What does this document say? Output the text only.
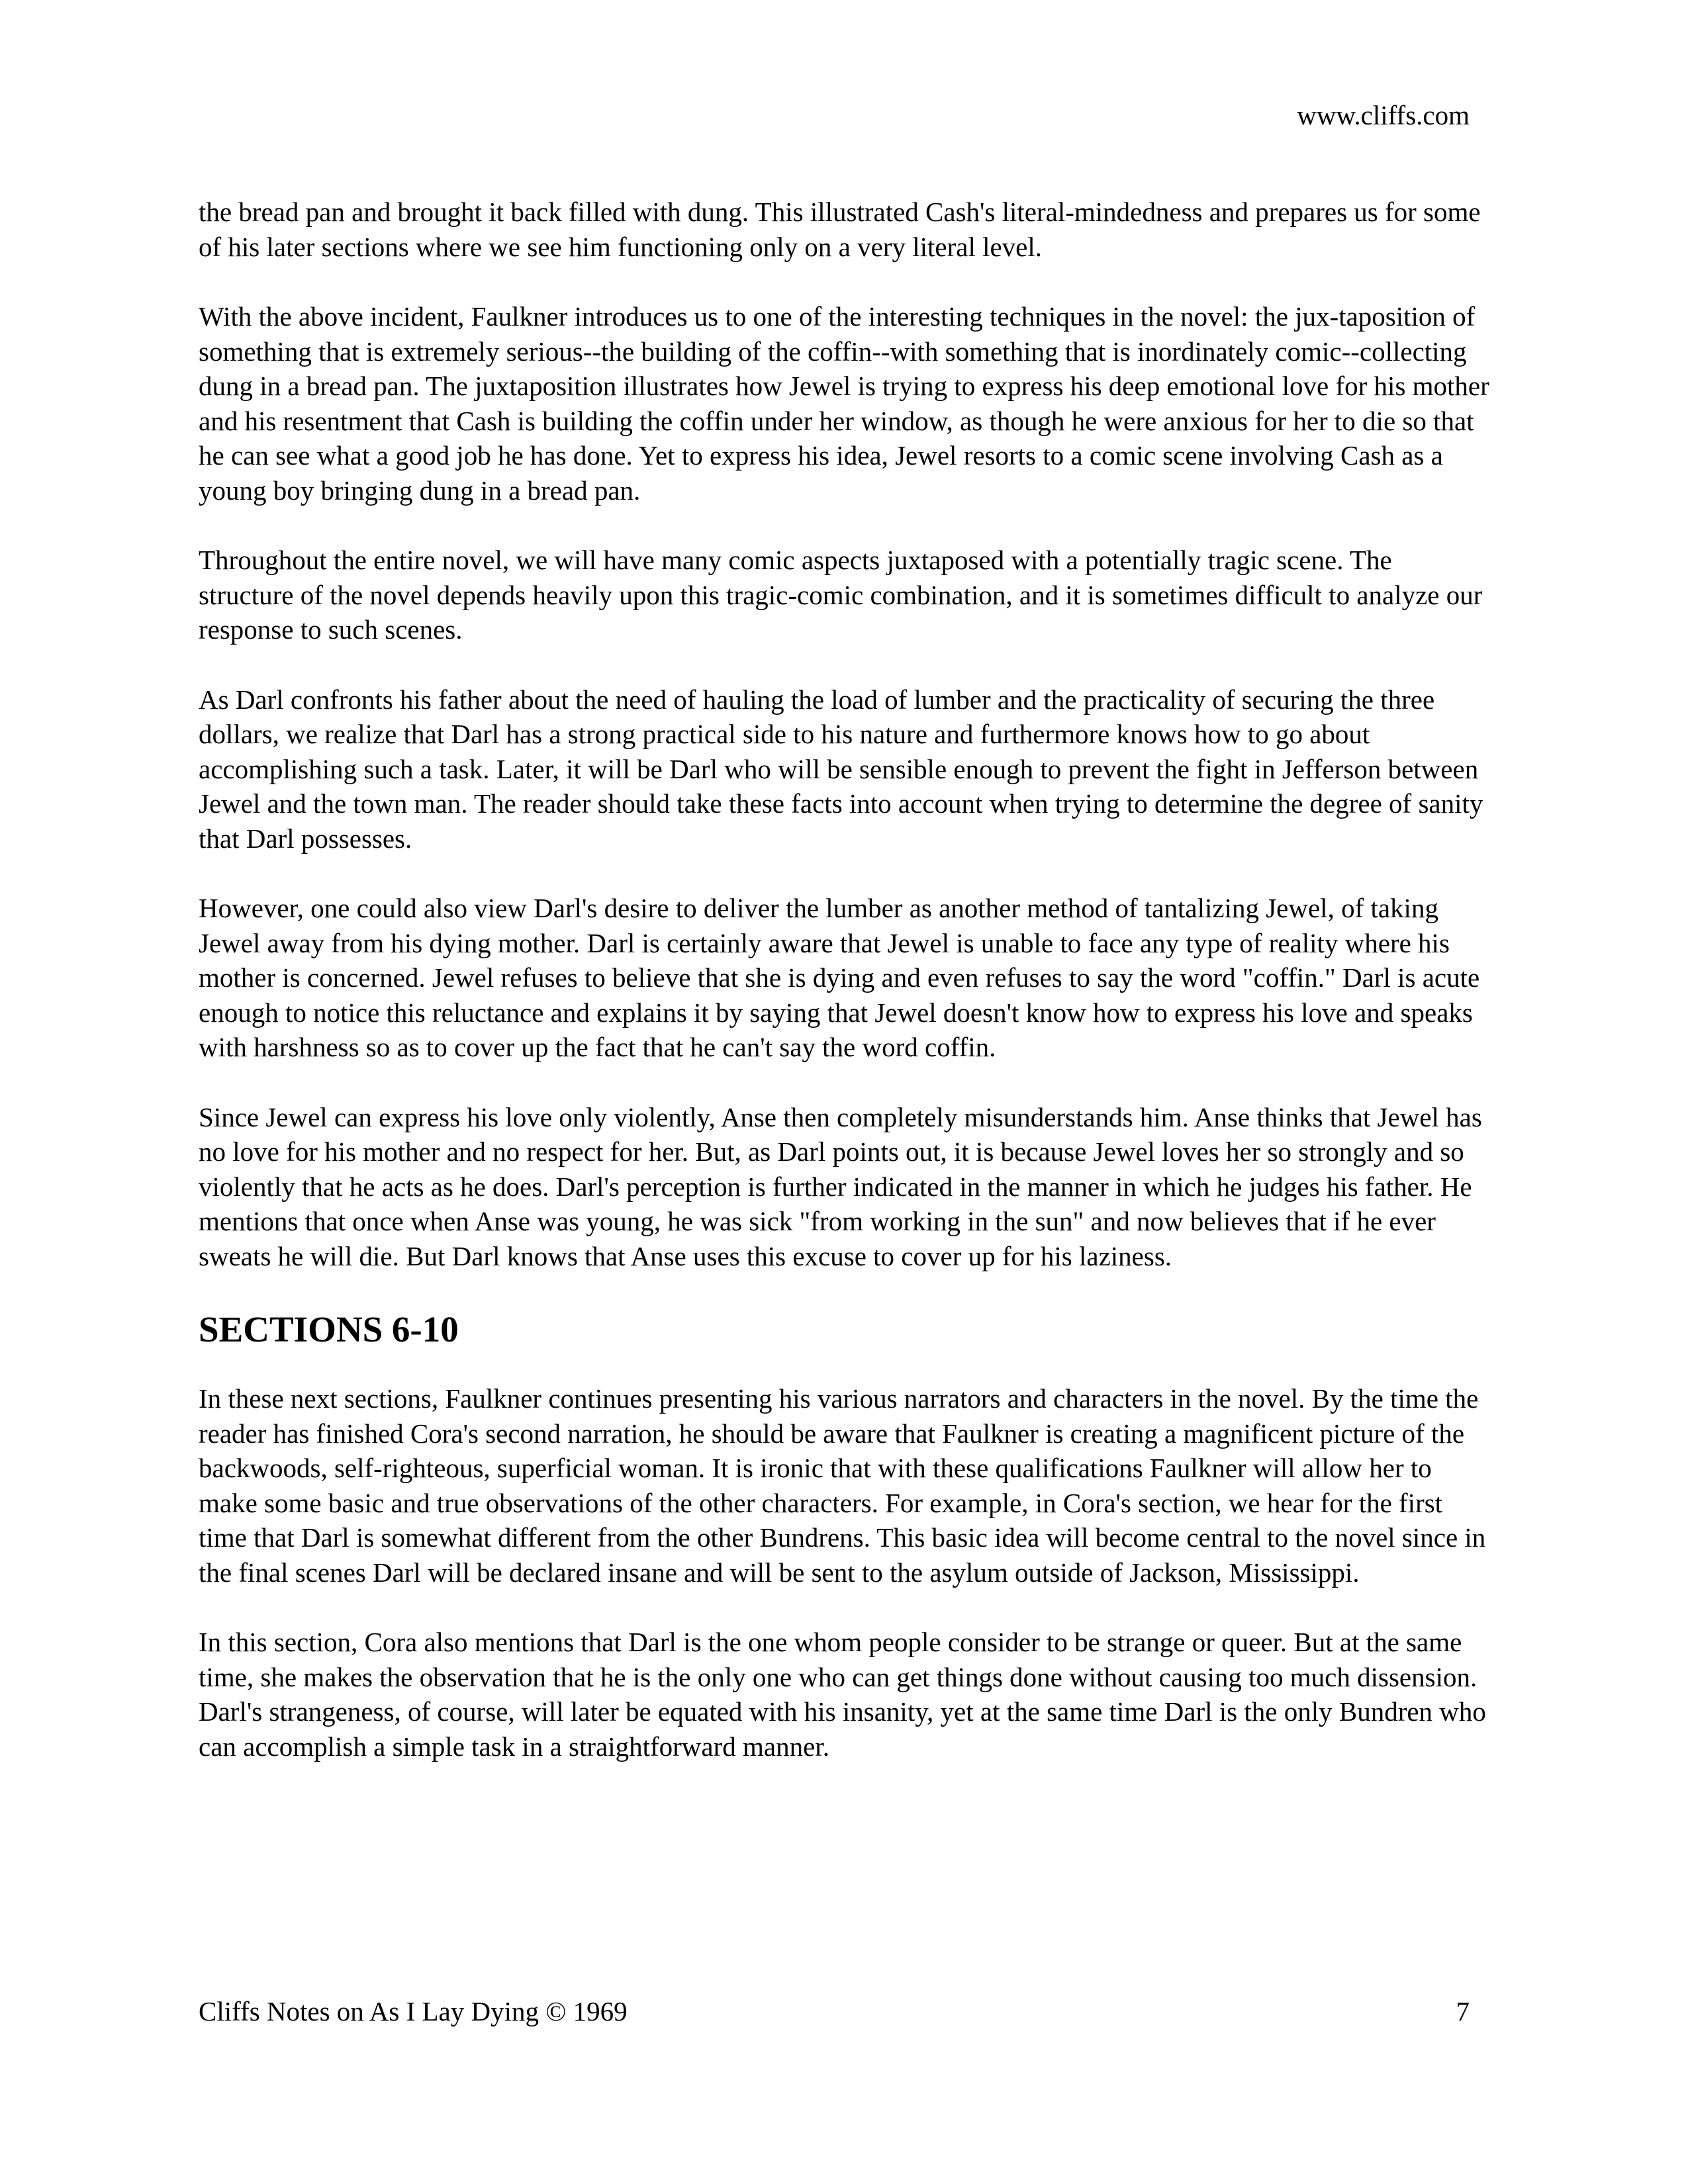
www.cliffs.com

the bread pan and brought it back filled with dung. This illustrated Cash's literal-mindedness and prepares us for some of his later sections where we see him functioning only on a very literal level.

With the above incident, Faulkner introduces us to one of the interesting techniques in the novel: the jux-taposition of something that is extremely serious--the building of the coffin--with something that is inordinately comic--collecting dung in a bread pan. The juxtaposition illustrates how Jewel is trying to express his deep emotional love for his mother and his resentment that Cash is building the coffin under her window, as though he were anxious for her to die so that he can see what a good job he has done. Yet to express his idea, Jewel resorts to a comic scene involving Cash as a young boy bringing dung in a bread pan.

Throughout the entire novel, we will have many comic aspects juxtaposed with a potentially tragic scene. The structure of the novel depends heavily upon this tragic-comic combination, and it is sometimes difficult to analyze our response to such scenes.

As Darl confronts his father about the need of hauling the load of lumber and the practicality of securing the three dollars, we realize that Darl has a strong practical side to his nature and furthermore knows how to go about accomplishing such a task. Later, it will be Darl who will be sensible enough to prevent the fight in Jefferson between Jewel and the town man. The reader should take these facts into account when trying to determine the degree of sanity that Darl possesses.

However, one could also view Darl's desire to deliver the lumber as another method of tantalizing Jewel, of taking Jewel away from his dying mother. Darl is certainly aware that Jewel is unable to face any type of reality where his mother is concerned. Jewel refuses to believe that she is dying and even refuses to say the word "coffin." Darl is acute enough to notice this reluctance and explains it by saying that Jewel doesn't know how to express his love and speaks with harshness so as to cover up the fact that he can't say the word coffin.

Since Jewel can express his love only violently, Anse then completely misunderstands him. Anse thinks that Jewel has no love for his mother and no respect for her. But, as Darl points out, it is because Jewel loves her so strongly and so violently that he acts as he does. Darl's perception is further indicated in the manner in which he judges his father. He mentions that once when Anse was young, he was sick "from working in the sun" and now believes that if he ever sweats he will die. But Darl knows that Anse uses this excuse to cover up for his laziness.

SECTIONS 6-10

In these next sections, Faulkner continues presenting his various narrators and characters in the novel. By the time the reader has finished Cora's second narration, he should be aware that Faulkner is creating a magnificent picture of the backwoods, self-righteous, superficial woman. It is ironic that with these qualifications Faulkner will allow her to make some basic and true observations of the other characters. For example, in Cora's section, we hear for the first time that Darl is somewhat different from the other Bundrens. This basic idea will become central to the novel since in the final scenes Darl will be declared insane and will be sent to the asylum outside of Jackson, Mississippi.

In this section, Cora also mentions that Darl is the one whom people consider to be strange or queer. But at the same time, she makes the observation that he is the only one who can get things done without causing too much dissension. Darl's strangeness, of course, will later be equated with his insanity, yet at the same time Darl is the only Bundren who can accomplish a simple task in a straightforward manner.

Cliffs Notes on As I Lay Dying © 1969	7
